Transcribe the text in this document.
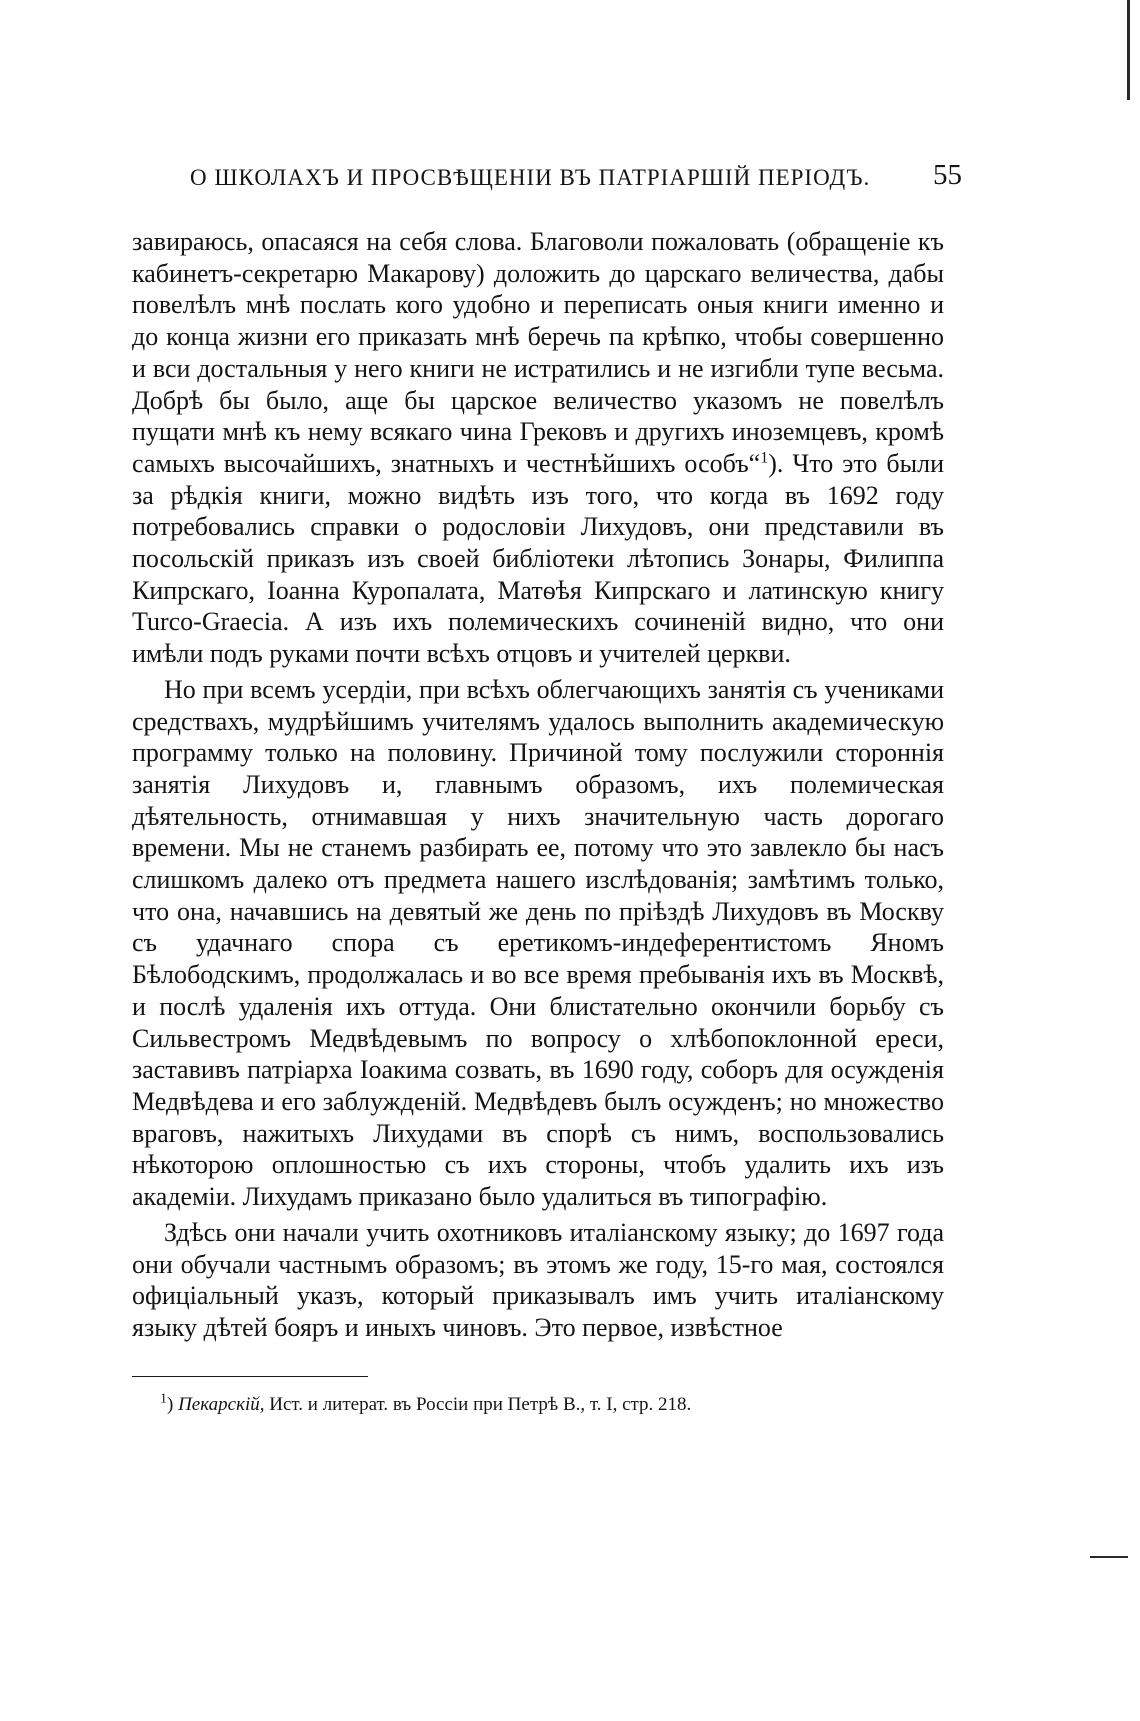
О ШКОЛАХЪ И ПРОСВѢЩЕНІИ ВЪ ПАТРІАРШІЙ ПЕРІОДЪ. 55

завираюсь, опасаяся на себя слова. Благоволи пожаловать (обращеніе къ кабинетъ-секретарю Макарову) доложить до царскаго величества, дабы повелѣлъ мнѣ послать кого удобно и переписать оныя книги именно и до конца жизни его приказать мнѣ беречь па крѣпко, чтобы совершенно и вси достальныя у него книги не истратились и не изгибли тупе весьма. Добрѣ бы было, аще бы царское величество указомъ не повелѣлъ пущати мнѣ къ нему всякаго чина Грековъ и другихъ иноземцевъ, кромѣ самыхъ высочайшихъ, знатныхъ и честнѣйшихъ особъ“$^1$). Что это были за рѣдкія книги, можно видѣть изъ того, что когда въ 1692 году потребовались справки о родословіи Лихудовъ, они представили въ посольскій приказъ изъ своей библіотеки лѣтопись Зонары, Филиппа Кипрскаго, Іоанна Куропалата, Матѳѣя Кипрскаго и латинскую книгу Turco-Graecia. А изъ ихъ полемическихъ сочиненій видно, что они имѣли подъ руками почти всѣхъ отцовъ и учителей церкви.

Но при всемъ усердіи, при всѣхъ облегчающихъ занятія съ учениками средствахъ, мудрѣйшимъ учителямъ удалось выполнить академическую программу только на половину. Причиной тому послужили стороннія занятія Лихудовъ и, главнымъ образомъ, ихъ полемическая дѣятельность, отнимавшая у нихъ значительную часть дорогаго времени. Мы не станемъ разбирать ее, потому что это завлекло бы насъ слишкомъ далеко отъ предмета нашего изслѣдованія; замѣтимъ только, что она, начавшись на девятый же день по пріѣздѣ Лихудовъ въ Москву съ удачнаго спора съ еретикомъ-индеферентистомъ Яномъ Бѣлободскимъ, продолжалась и во все время пребыванія ихъ въ Москвѣ, и послѣ удаленія ихъ оттуда. Они блистательно окончили борьбу съ Сильвестромъ Медвѣдевымъ по вопросу о хлѣбопоклонной ереси, заставивъ патріарха Іоакима созвать, въ 1690 году, соборъ для осужденія Медвѣдева и его заблужденій. Медвѣдевъ былъ осужденъ; но множество враговъ, нажитыхъ Лихудами въ спорѣ съ нимъ, воспользовались нѣкоторою оплошностью съ ихъ стороны, чтобъ удалить ихъ изъ академіи. Лихудамъ приказано было удалиться въ типографію.

Здѣсь они начали учить охотниковъ италіанскому языку; до 1697 года они обучали частнымъ образомъ; въ этомъ же году, 15-го мая, состоялся офиціальный указъ, который приказывалъ имъ учить италіанскому языку дѣтей бояръ и иныхъ чиновъ. Это первое, извѣстное

$^1$) Пекарскій, Ист. и литерат. въ Россіи при Петрѣ В., т. I, стр. 218.
